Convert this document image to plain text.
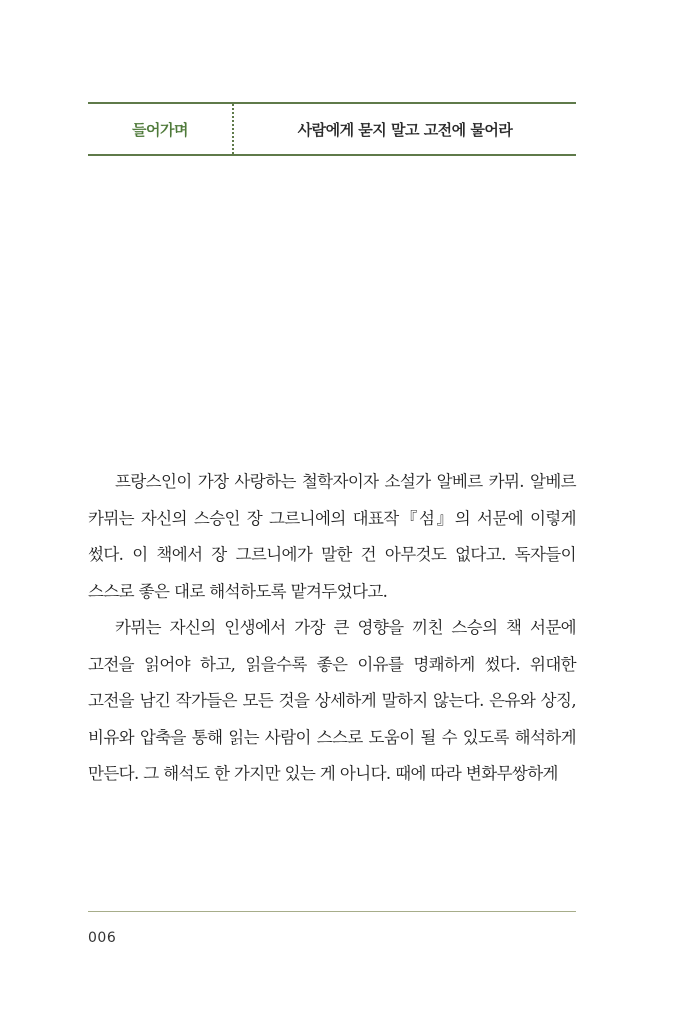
들어가며	사람에게 묻지 말고 고전에 물어라

프랑스인이 가장 사랑하는 철학자이자 소설가 알베르 카뮈. 알베르 카뮈는 자신의 스승인 장 그르니에의 대표작『섬』의 서문에 이렇게 썼다. 이 책에서 장 그르니에가 말한 건 아무것도 없다고. 독자들이 스스로 좋은 대로 해석하도록 맡겨두었다고.

카뮈는 자신의 인생에서 가장 큰 영향을 끼친 스승의 책 서문에 고전을 읽어야 하고, 읽을수록 좋은 이유를 명쾌하게 썼다. 위대한 고전을 남긴 작가들은 모든 것을 상세하게 말하지 않는다. 은유와 상징, 비유와 압축을 통해 읽는 사람이 스스로 도움이 될 수 있도록 해석하게 만든다. 그 해석도 한 가지만 있는 게 아니다. 때에 따라 변화무쌍하게

006
